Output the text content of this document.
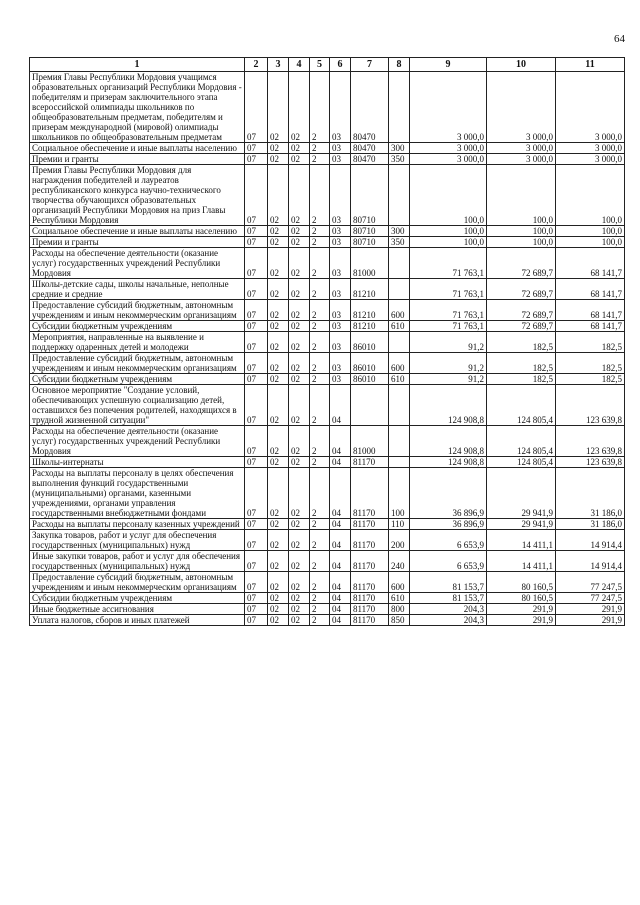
64
1	2	3	4	5	6	7	8	9	10	11
Премия Главы Республики Мордовия учащимся образовательных организаций Республики Мордовия - победителям и призерам заключительного этапа всероссийской олимпиады школьников по общеобразовательным предметам, победителям и призерам международной (мировой) олимпиады школьников по общеобразовательным предметам	07	02	02	2	03	80470		3 000,0	3 000,0	3 000,0
Социальное обеспечение и иные выплаты населению	07	02	02	2	03	80470	300	3 000,0	3 000,0	3 000,0
Премии и гранты	07	02	02	2	03	80470	350	3 000,0	3 000,0	3 000,0
Премия Главы Республики Мордовия для награждения победителей и лауреатов республиканского конкурса научно-технического творчества обучающихся образовательных организаций Республики Мордовия на приз Главы Республики Мордовия	07	02	02	2	03	80710		100,0	100,0	100,0
Социальное обеспечение и иные выплаты населению	07	02	02	2	03	80710	300	100,0	100,0	100,0
Премии и гранты	07	02	02	2	03	80710	350	100,0	100,0	100,0
Расходы на обеспечение деятельности (оказание услуг) государственных учреждений Республики Мордовия	07	02	02	2	03	81000		71 763,1	72 689,7	68 141,7
Школы-детские сады, школы начальные, неполные средние и средние	07	02	02	2	03	81210		71 763,1	72 689,7	68 141,7
Предоставление субсидий бюджетным, автономным учреждениям и иным некоммерческим организациям	07	02	02	2	03	81210	600	71 763,1	72 689,7	68 141,7
Субсидии бюджетным учреждениям	07	02	02	2	03	81210	610	71 763,1	72 689,7	68 141,7
Мероприятия, направленные на выявление и поддержку одаренных детей и молодежи	07	02	02	2	03	86010		91,2	182,5	182,5
Предоставление субсидий бюджетным, автономным учреждениям и иным некоммерческим организациям	07	02	02	2	03	86010	600	91,2	182,5	182,5
Субсидии бюджетным учреждениям	07	02	02	2	03	86010	610	91,2	182,5	182,5
Основное мероприятие "Создание условий, обеспечивающих успешную социализацию детей, оставшихся без попечения родителей, находящихся в трудной жизненной ситуации"	07	02	02	2	04			124 908,8	124 805,4	123 639,8
Расходы на обеспечение деятельности (оказание услуг) государственных учреждений Республики Мордовия	07	02	02	2	04	81000		124 908,8	124 805,4	123 639,8
Школы-интернаты	07	02	02	2	04	81170		124 908,8	124 805,4	123 639,8
Расходы на выплаты персоналу в целях обеспечения выполнения функций государственными (муниципальными) органами, казенными учреждениями, органами управления государственными внебюджетными фондами	07	02	02	2	04	81170	100	36 896,9	29 941,9	31 186,0
Расходы на выплаты персоналу казенных учреждений	07	02	02	2	04	81170	110	36 896,9	29 941,9	31 186,0
Закупка товаров, работ и услуг для обеспечения государственных (муниципальных) нужд	07	02	02	2	04	81170	200	6 653,9	14 411,1	14 914,4
Иные закупки товаров, работ и услуг для обеспечения государственных (муниципальных) нужд	07	02	02	2	04	81170	240	6 653,9	14 411,1	14 914,4
Предоставление субсидий бюджетным, автономным учреждениям и иным некоммерческим организациям	07	02	02	2	04	81170	600	81 153,7	80 160,5	77 247,5
Субсидии бюджетным учреждениям	07	02	02	2	04	81170	610	81 153,7	80 160,5	77 247,5
Иные бюджетные ассигнования	07	02	02	2	04	81170	800	204,3	291,9	291,9
Уплата налогов, сборов и иных платежей	07	02	02	2	04	81170	850	204,3	291,9	291,9
